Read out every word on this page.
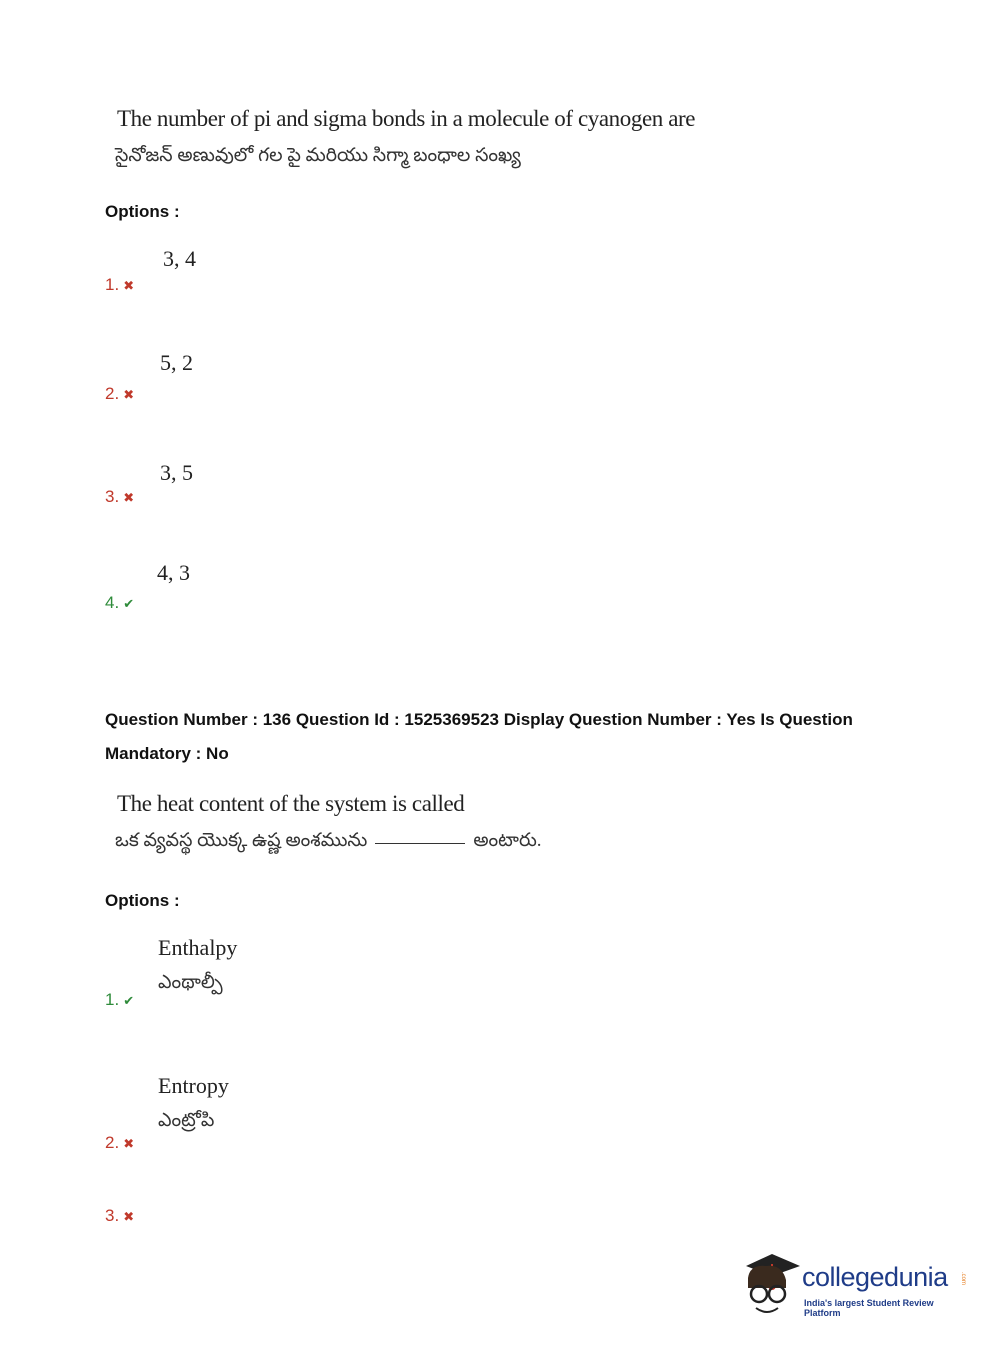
The number of pi and sigma bonds in a molecule of cyanogen are
సైనోజన్ అణువులో గల పై మరియు సిగ్మా బంధాల సంఖ్య
Options :
3, 4
1. ✖
5, 2
2. ✖
3, 5
3. ✖
4, 3
4. ✔
Question Number : 136 Question Id : 1525369523 Display Question Number : Yes Is Question
Mandatory : No
The heat content of the system is called
ఒక వ్యవస్థ యొక్క ఉష్ణ అంశమును	అంటారు.
Options :
Enthalpy
ఎంథాల్పీ
1. ✔
Entropy
ఎంట్రోపి
2. ✖
3. ✖
collegedunia .com
India's largest Student Review Platform
